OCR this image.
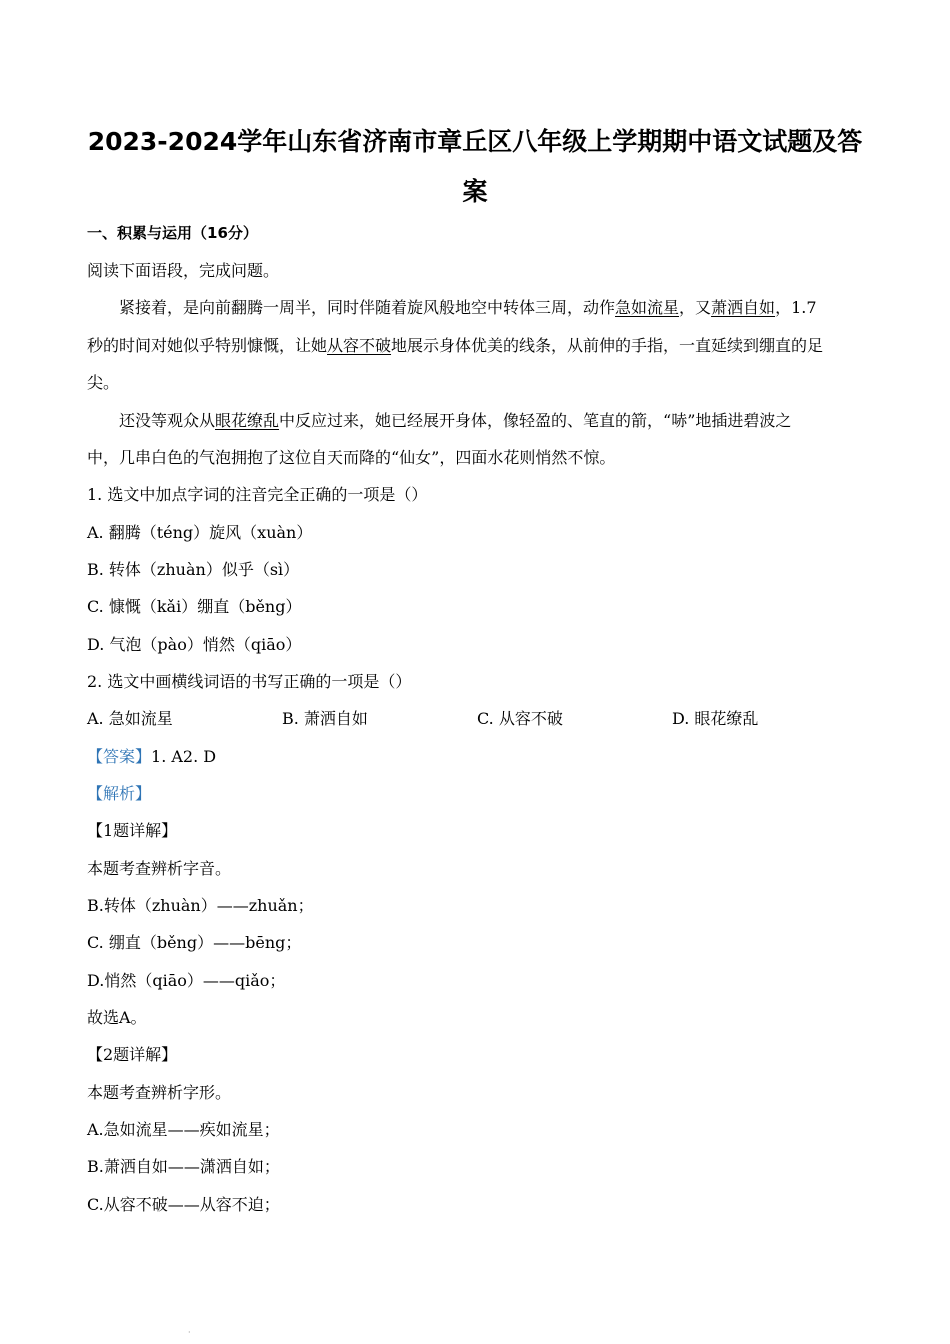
2023-2024学年山东省济南市章丘区八年级上学期期中语文试题及答
案
一、积累与运用（16分）
阅读下面语段，完成问题。
紧接着，是向前翻腾一周半，同时伴随着旋风般地空中转体三周，动作急如流星，又萧洒自如，1.7
秒的时间对她似乎特别慷慨，让她从容不破地展示身体优美的线条，从前伸的手指，一直延续到绷直的足
尖。
还没等观众从眼花缭乱中反应过来，她已经展开身体，像轻盈的、笔直的箭，“哧”地插进碧波之
中，几串白色的气泡拥抱了这位自天而降的“仙女”，四面水花则悄然不惊。
1. 选文中加点字词的注音完全正确的一项是（）
A. 翻腾（téng）旋风（xuàn）
B. 转体（zhuàn）似乎（sì）
C. 慷慨（kǎi）绷直（běng）
D. 气泡（pào）悄然（qiāo）
2. 选文中画横线词语的书写正确的一项是（）
A. 急如流星	B. 萧洒自如	C. 从容不破	D. 眼花缭乱
【答案】1. A2. D
【解析】
【1题详解】
本题考查辨析字音。
B.转体（zhuàn）——zhuǎn；
C. 绷直（běng）——bēng；
D.悄然（qiāo）——qiǎo；
故选A。
【2题详解】
本题考查辨析字形。
A.急如流星——疾如流星；
B.萧洒自如——潇洒自如；
C.从容不破——从容不迫；
·
